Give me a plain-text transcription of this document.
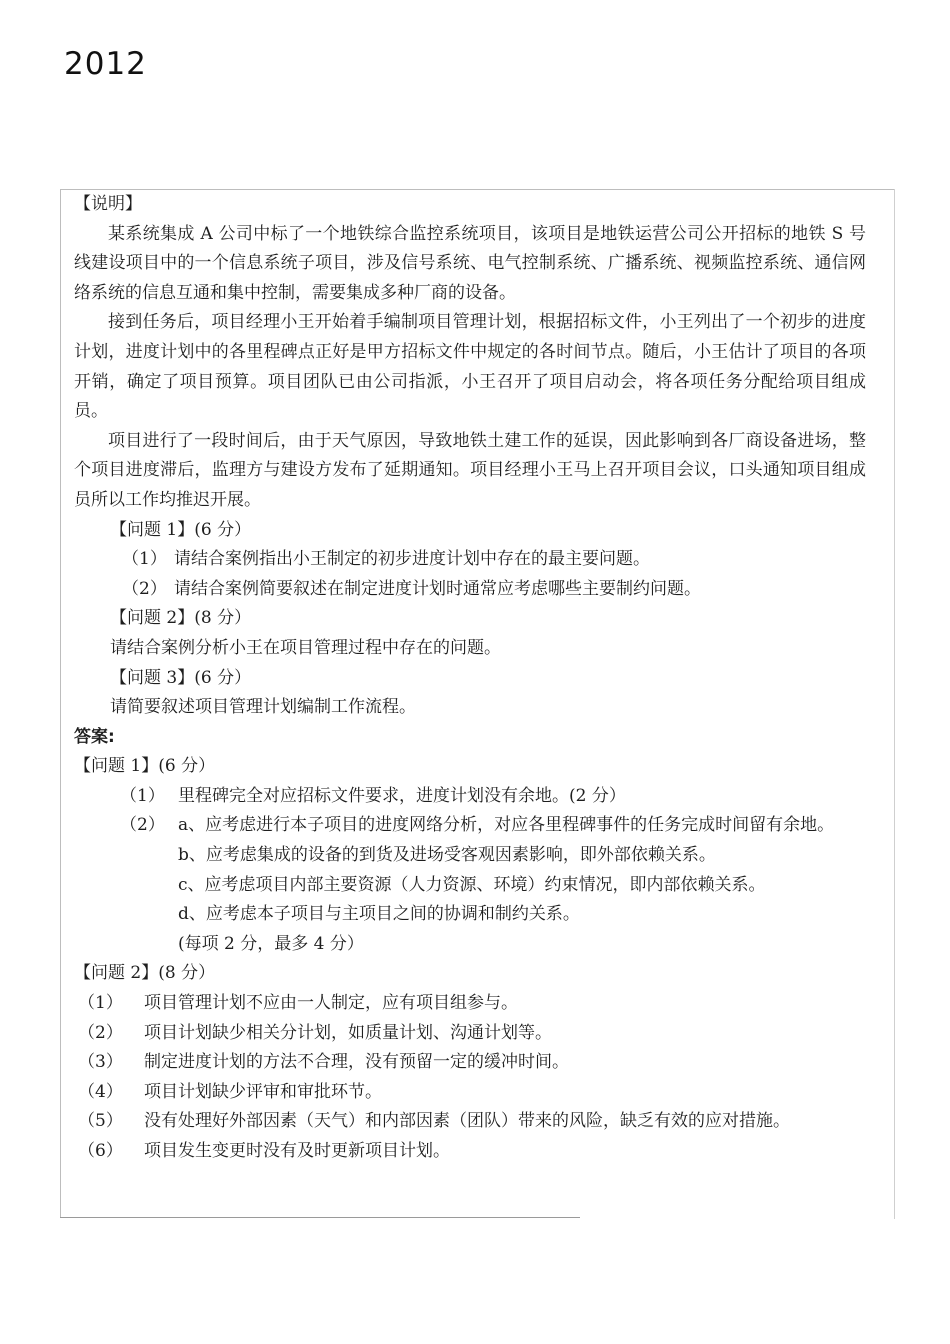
2012
【说明】
某系统集成 A 公司中标了一个地铁综合监控系统项目，该项目是地铁运营公司公开招标的地铁 S 号线建设项目中的一个信息系统子项目，涉及信号系统、电气控制系统、广播系统、视频监控系统、通信网络系统的信息互通和集中控制，需要集成多种厂商的设备。
接到任务后，项目经理小王开始着手编制项目管理计划，根据招标文件，小王列出了一个初步的进度计划，进度计划中的各里程碑点正好是甲方招标文件中规定的各时间节点。随后，小王估计了项目的各项开销，确定了项目预算。项目团队已由公司指派，小王召开了项目启动会，将各项任务分配给项目组成员。
项目进行了一段时间后，由于天气原因，导致地铁土建工作的延误，因此影响到各厂商设备进场，整个项目进度滞后，监理方与建设方发布了延期通知。项目经理小王马上召开项目会议，口头通知项目组成员所以工作均推迟开展。
【问题 1】(6 分）
（1） 请结合案例指出小王制定的初步进度计划中存在的最主要问题。
（2） 请结合案例简要叙述在制定进度计划时通常应考虑哪些主要制约问题。
【问题 2】(8 分）
请结合案例分析小王在项目管理过程中存在的问题。
【问题 3】(6 分）
请简要叙述项目管理计划编制工作流程。
答案:
【问题 1】(6 分）
（1） 里程碑完全对应招标文件要求，进度计划没有余地。(2 分）
（2） a、应考虑进行本子项目的进度网络分析，对应各里程碑事件的任务完成时间留有余地。
b、应考虑集成的设备的到货及进场受客观因素影响，即外部依赖关系。
c、应考虑项目内部主要资源（人力资源、环境）约束情况，即内部依赖关系。
d、应考虑本子项目与主项目之间的协调和制约关系。
(每项 2 分，最多 4 分）
【问题 2】(8 分）
（1）	项目管理计划不应由一人制定，应有项目组参与。
（2）	项目计划缺少相关分计划，如质量计划、沟通计划等。
（3）	制定进度计划的方法不合理，没有预留一定的缓冲时间。
（4）	项目计划缺少评审和审批环节。
（5）	没有处理好外部因素（天气）和内部因素（团队）带来的风险，缺乏有效的应对措施。
（6）	项目发生变更时没有及时更新项目计划。
